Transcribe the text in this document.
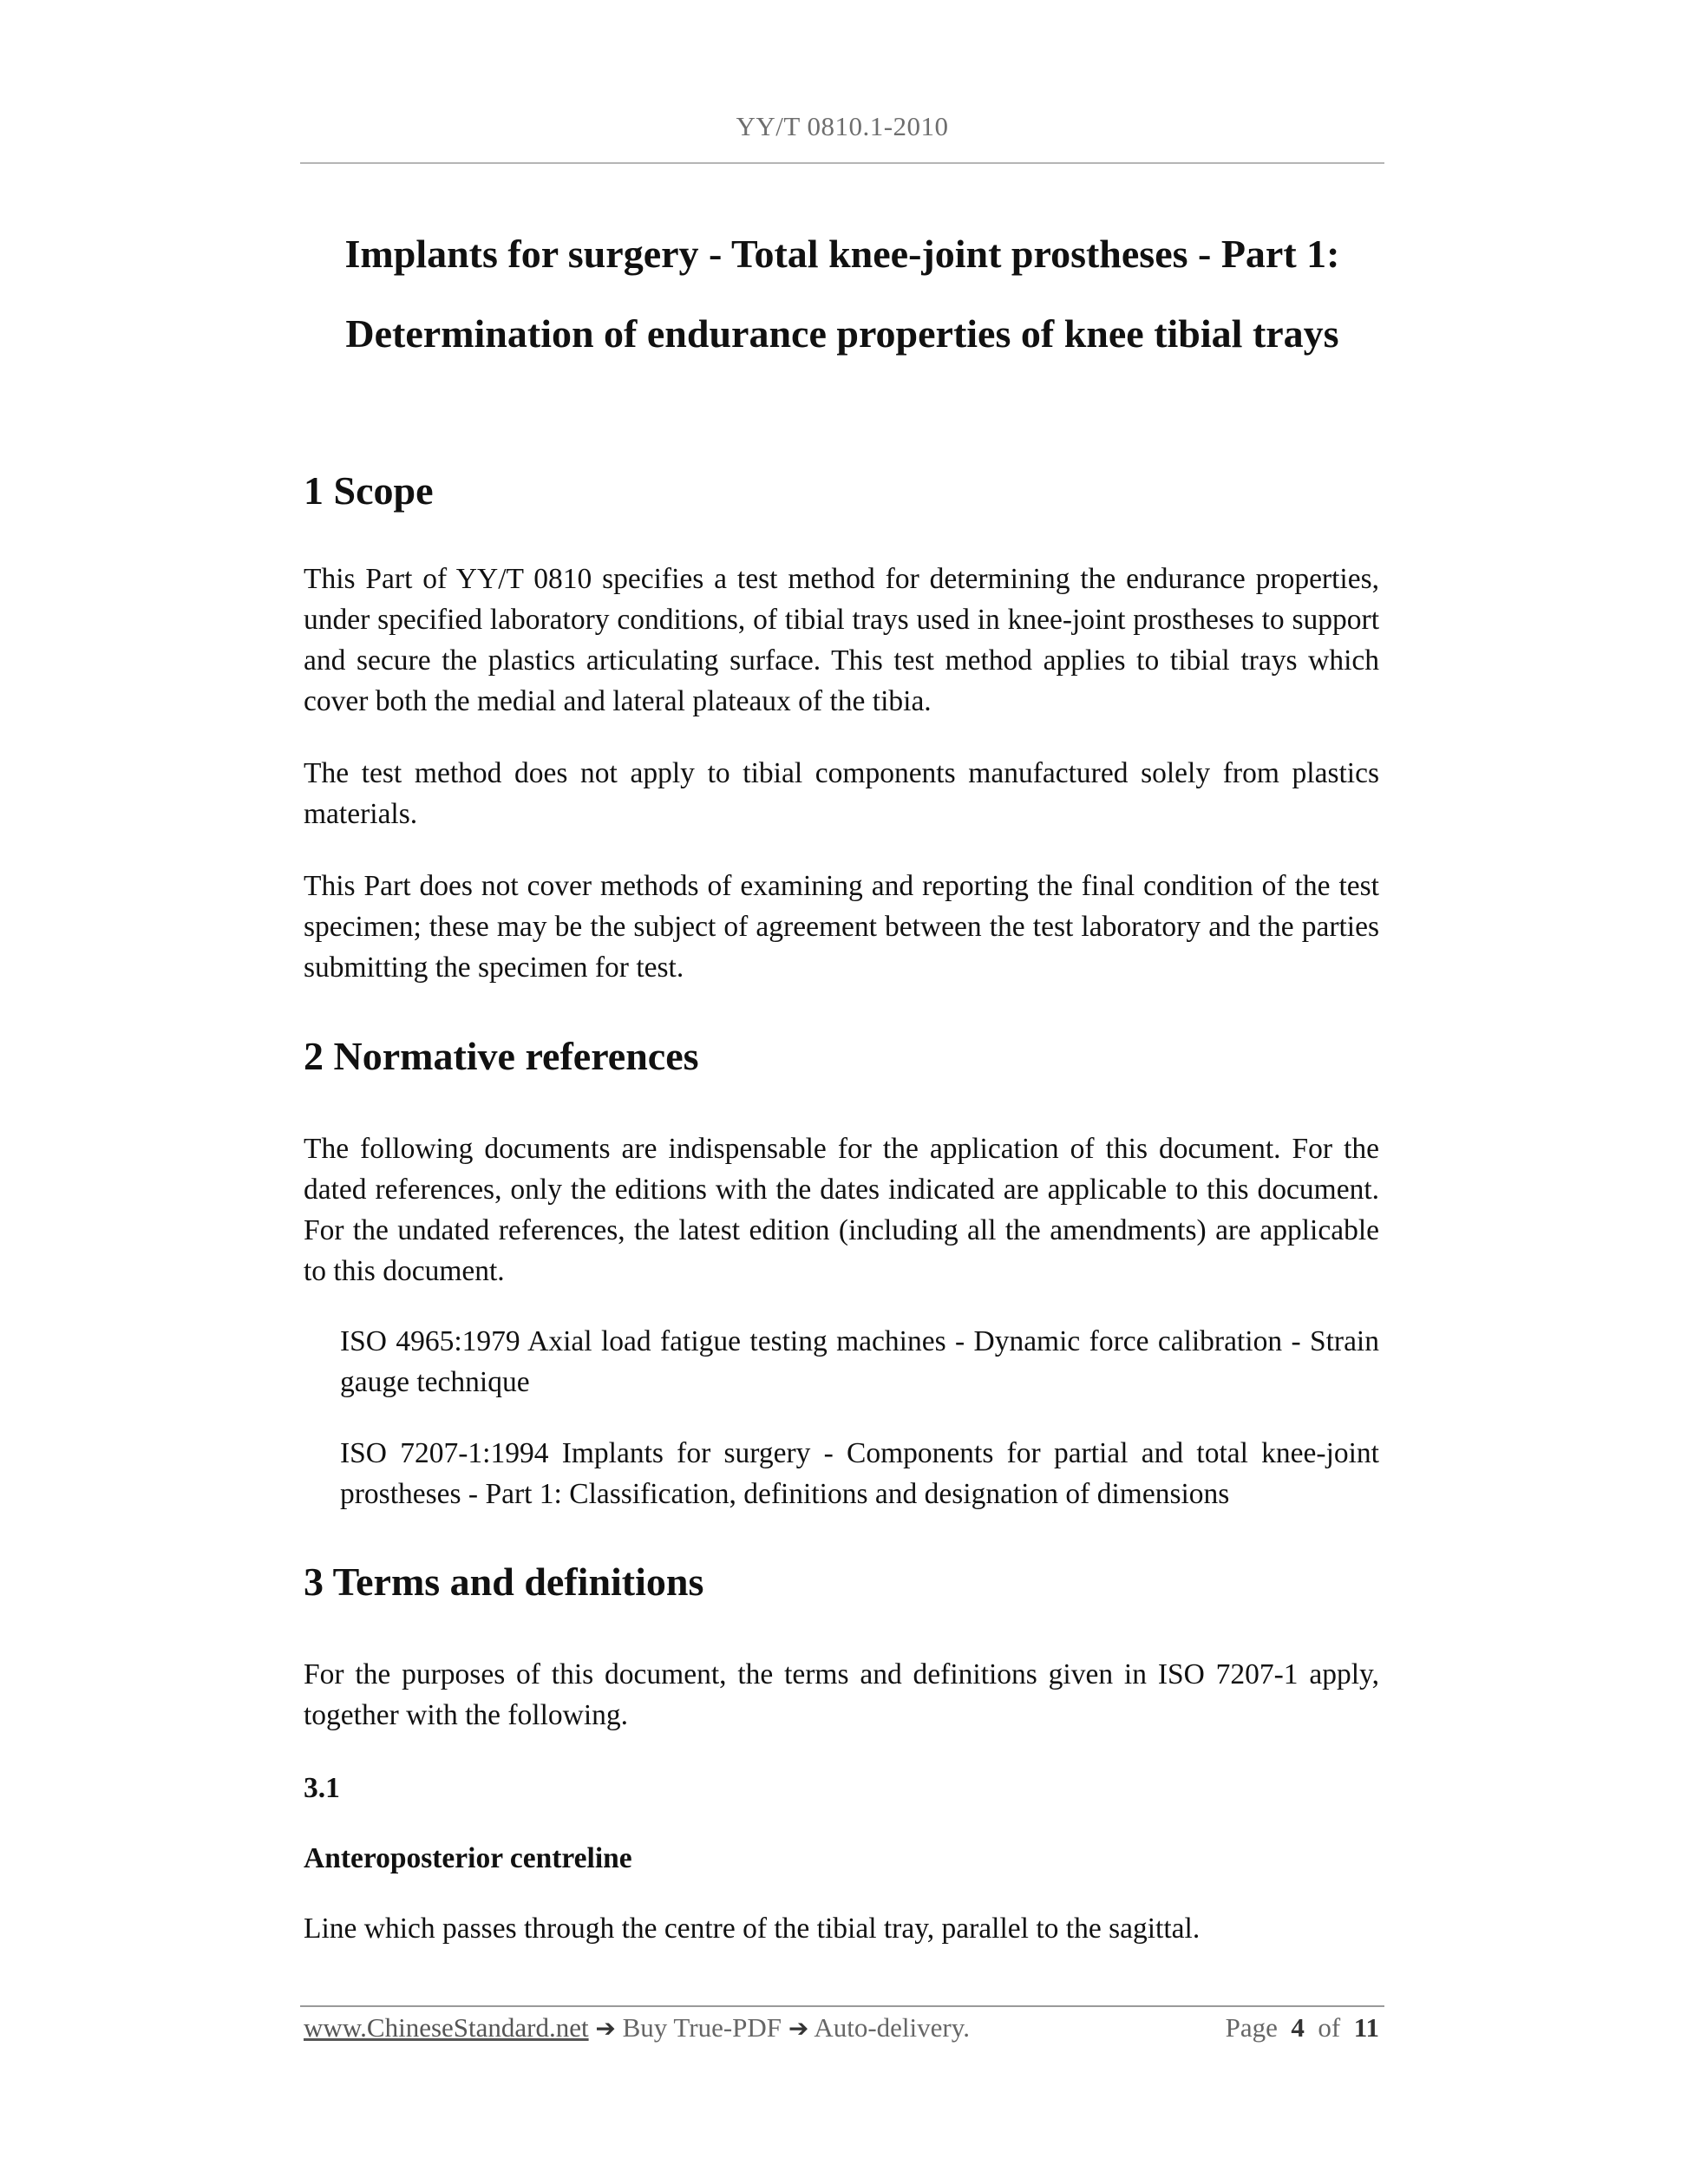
YY/T 0810.1-2010
Implants for surgery - Total knee-joint prostheses - Part 1:
Determination of endurance properties of knee tibial trays
1 Scope

This Part of YY/T 0810 specifies a test method for determining the endurance properties, under specified laboratory conditions, of tibial trays used in knee-joint prostheses to support and secure the plastics articulating surface. This test method applies to tibial trays which cover both the medial and lateral plateaux of the tibia.

The test method does not apply to tibial components manufactured solely from plastics materials.

This Part does not cover methods of examining and reporting the final condition of the test specimen; these may be the subject of agreement between the test laboratory and the parties submitting the specimen for test.

2 Normative references

The following documents are indispensable for the application of this document. For the dated references, only the editions with the dates indicated are applicable to this document. For the undated references, the latest edition (including all the amendments) are applicable to this document.

ISO 4965:1979 Axial load fatigue testing machines - Dynamic force calibration - Strain gauge technique

ISO 7207-1:1994 Implants for surgery - Components for partial and total knee-joint prostheses - Part 1: Classification, definitions and designation of dimensions

3 Terms and definitions

For the purposes of this document, the terms and definitions given in ISO 7207-1 apply, together with the following.

3.1

Anteroposterior centreline

Line which passes through the centre of the tibial tray, parallel to the sagittal.

www.ChineseStandard.net ➔ Buy True-PDF ➔ Auto-delivery.	Page 4 of 11
